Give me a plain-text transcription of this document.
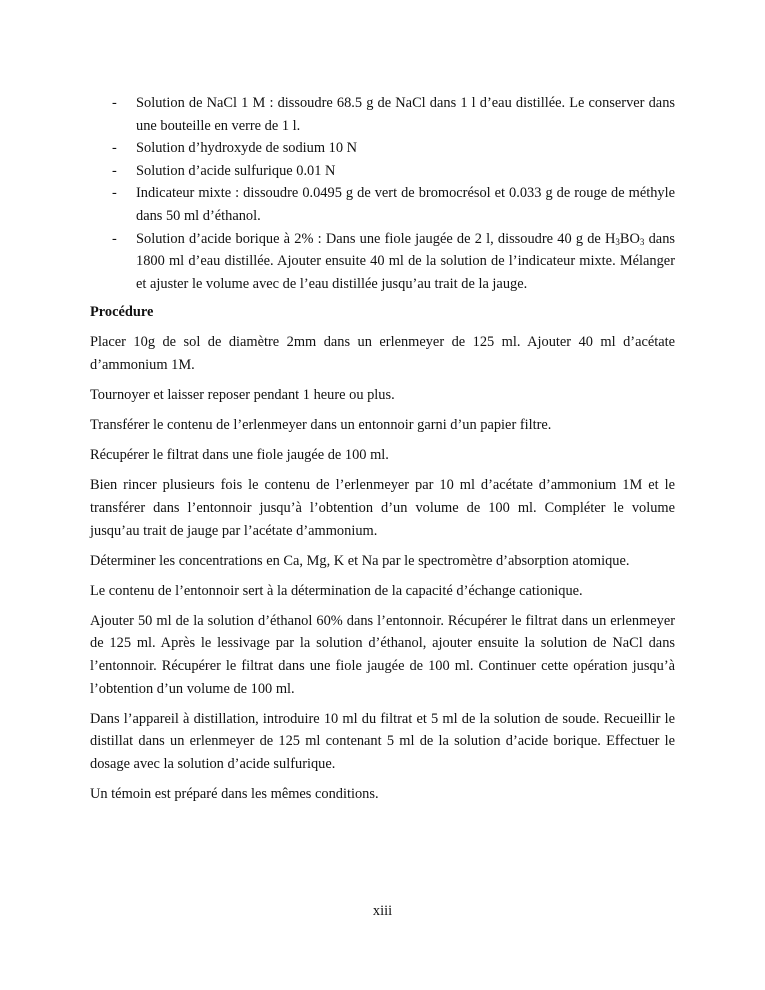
- Solution de NaCl 1 M : dissoudre 68.5 g de NaCl dans 1 l d’eau distillée. Le conserver dans une bouteille en verre de 1 l.
- Solution d’hydroxyde de sodium 10 N
- Solution d’acide sulfurique 0.01 N
- Indicateur mixte : dissoudre 0.0495 g de vert de bromocrésol et 0.033 g de rouge de méthyle dans 50 ml d’éthanol.
- Solution d’acide borique à 2% : Dans une fiole jaugée de 2 l, dissoudre 40 g de $H_3BO_3$ dans 1800 ml d’eau distillée. Ajouter ensuite 40 ml de la solution de l’indicateur mixte. Mélanger et ajuster le volume avec de l’eau distillée jusqu’au trait de la jauge.
Procédure

Placer 10g de sol de diamètre 2mm dans un erlenmeyer de 125 ml. Ajouter 40 ml d’acétate d’ammonium 1M.

Tournoyer et laisser reposer pendant 1 heure ou plus.

Transférer le contenu de l’erlenmeyer dans un entonnoir garni d’un papier filtre.

Récupérer le filtrat dans une fiole jaugée de 100 ml.

Bien rincer plusieurs fois le contenu de l’erlenmeyer par 10 ml d’acétate d’ammonium 1M et le transférer dans l’entonnoir jusqu’à l’obtention d’un volume de 100 ml. Compléter le volume jusqu’au trait de jauge par l’acétate d’ammonium.

Déterminer les concentrations en Ca, Mg, K et Na par le spectromètre d’absorption atomique.

Le contenu de l’entonnoir sert à la détermination de la capacité d’échange cationique.

Ajouter 50 ml de la solution d’éthanol 60% dans l’entonnoir. Récupérer le filtrat dans un erlenmeyer de 125 ml. Après le lessivage par la solution d’éthanol, ajouter ensuite la solution de NaCl dans l’entonnoir. Récupérer le filtrat dans une fiole jaugée de 100 ml. Continuer cette opération jusqu’à l’obtention d’un volume de 100 ml.

Dans l’appareil à distillation, introduire 10 ml du filtrat et 5 ml de la solution de soude. Recueillir le distillat dans un erlenmeyer de 125 ml contenant 5 ml de la solution d’acide borique. Effectuer le dosage avec la solution d’acide sulfurique.

Un témoin est préparé dans les mêmes conditions.

xiii
